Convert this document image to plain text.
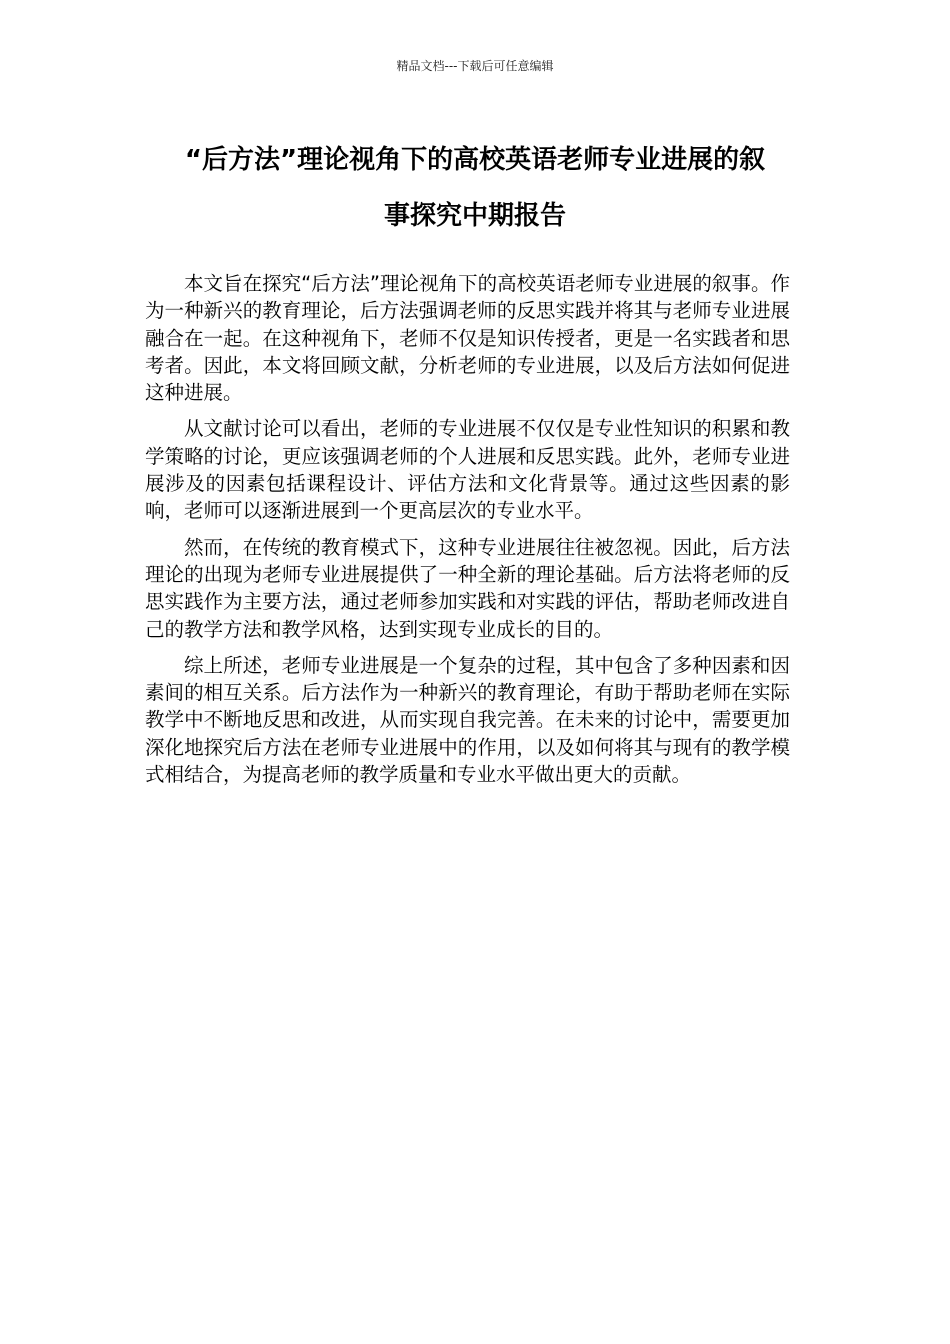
精品文档---下载后可任意编辑
“后方法”理论视角下的高校英语老师专业进展的叙
事探究中期报告

本文旨在探究“后方法”理论视角下的高校英语老师专业进展的叙事。作为一种新兴的教育理论，后方法强调老师的反思实践并将其与老师专业进展融合在一起。在这种视角下，老师不仅是知识传授者，更是一名实践者和思考者。因此，本文将回顾文献，分析老师的专业进展，以及后方法如何促进这种进展。

从文献讨论可以看出，老师的专业进展不仅仅是专业性知识的积累和教学策略的讨论，更应该强调老师的个人进展和反思实践。此外，老师专业进展涉及的因素包括课程设计、评估方法和文化背景等。通过这些因素的影响，老师可以逐渐进展到一个更高层次的专业水平。

然而，在传统的教育模式下，这种专业进展往往被忽视。因此，后方法理论的出现为老师专业进展提供了一种全新的理论基础。后方法将老师的反思实践作为主要方法，通过老师参加实践和对实践的评估，帮助老师改进自己的教学方法和教学风格，达到实现专业成长的目的。

综上所述，老师专业进展是一个复杂的过程，其中包含了多种因素和因素间的相互关系。后方法作为一种新兴的教育理论，有助于帮助老师在实际教学中不断地反思和改进，从而实现自我完善。在未来的讨论中，需要更加深化地探究后方法在老师专业进展中的作用，以及如何将其与现有的教学模式相结合，为提高老师的教学质量和专业水平做出更大的贡献。
